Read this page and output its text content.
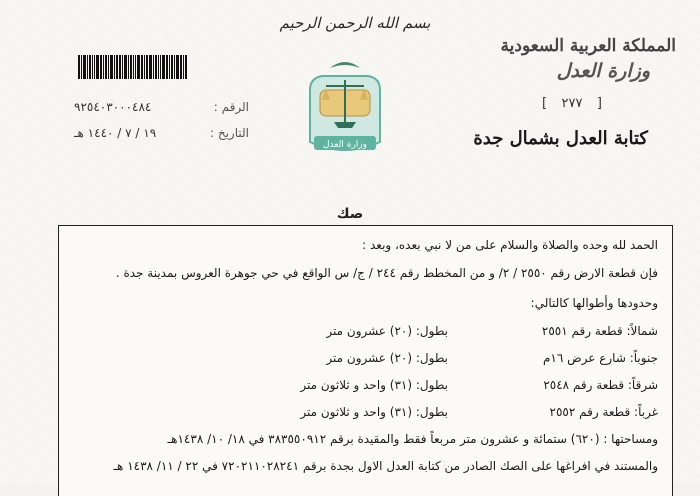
بسم الله الرحمن الرحيم
المملكة العربية السعودية
وزارة العدل
[ ٢٧٧ ]
كتابة العدل بشمال جدة
الرقم :
٩٢٥٤٠٣٠٠٠٤٨٤
التاريخ :
١٩ / ٧ / ١٤٤٠ هـ
وزارة العدل
صك
الحمد لله وحده والصلاة والسلام على من لا نبي بعده، وبعد :
فإن قطعة الارض رقم ٢٥٥٠ / ٢/ و من المخطط رقم ٢٤٤ / ج/ س الواقع في حي جوهرة العروس بمدينة جدة .
وحدودها وأطوالها كالتالي:
شمالاً: قطعة رقم ٢٥٥١
بطول: (٢٠) عشرون متر
جنوباً: شارع عرض ١٦م
بطول: (٢٠) عشرون متر
شرقاً: قطعة رقم ٢٥٤٨
بطول: (٣١) واحد و ثلاثون متر
غرباً: قطعة رقم ٢٥٥٢
بطول: (٣١) واحد و ثلاثون متر
ومساحتها : (٦٢٠) ستمائة و عشرون متر مربعاً فقط والمقيدة برقم ٣٨٣٥٥٠٩١٢ في ١٨/ ١٠/ ١٤٣٨هـ
والمستند في افراغها على الصك الصادر من كتابة العدل الاول بجدة برقم ٧٢٠٢١١٠٢٨٢٤١ في ٢٢ / ١١/ ١٤٣٨ هـ
